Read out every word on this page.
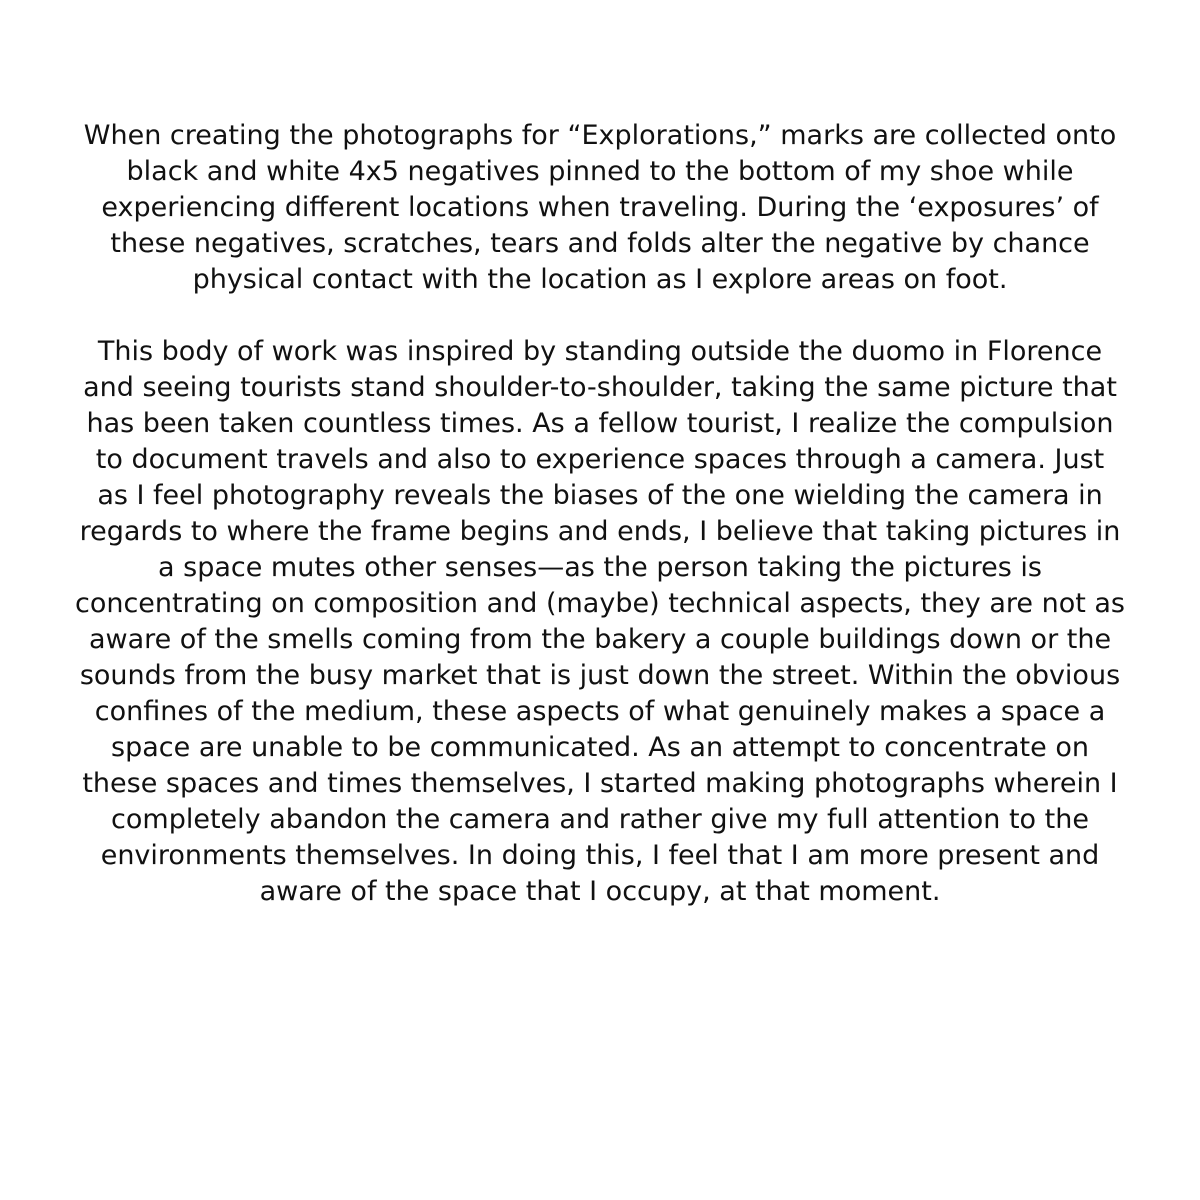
When creating the photographs for “Explorations,” marks are collected onto
black and white 4x5 negatives pinned to the bottom of my shoe while
experiencing different locations when traveling. During the ‘exposures’ of
these negatives, scratches, tears and folds alter the negative by chance
physical contact with the location as I explore areas on foot.
This body of work was inspired by standing outside the duomo in Florence
and seeing tourists stand shoulder-to-shoulder, taking the same picture that
has been taken countless times. As a fellow tourist, I realize the compulsion
to document travels and also to experience spaces through a camera. Just
as I feel photography reveals the biases of the one wielding the camera in
regards to where the frame begins and ends, I believe that taking pictures in
a space mutes other senses—as the person taking the pictures is
concentrating on composition and (maybe) technical aspects, they are not as
aware of the smells coming from the bakery a couple buildings down or the
sounds from the busy market that is just down the street. Within the obvious
confines of the medium, these aspects of what genuinely makes a space a
space are unable to be communicated. As an attempt to concentrate on
these spaces and times themselves, I started making photographs wherein I
completely abandon the camera and rather give my full attention to the
environments themselves. In doing this, I feel that I am more present and
aware of the space that I occupy, at that moment.
